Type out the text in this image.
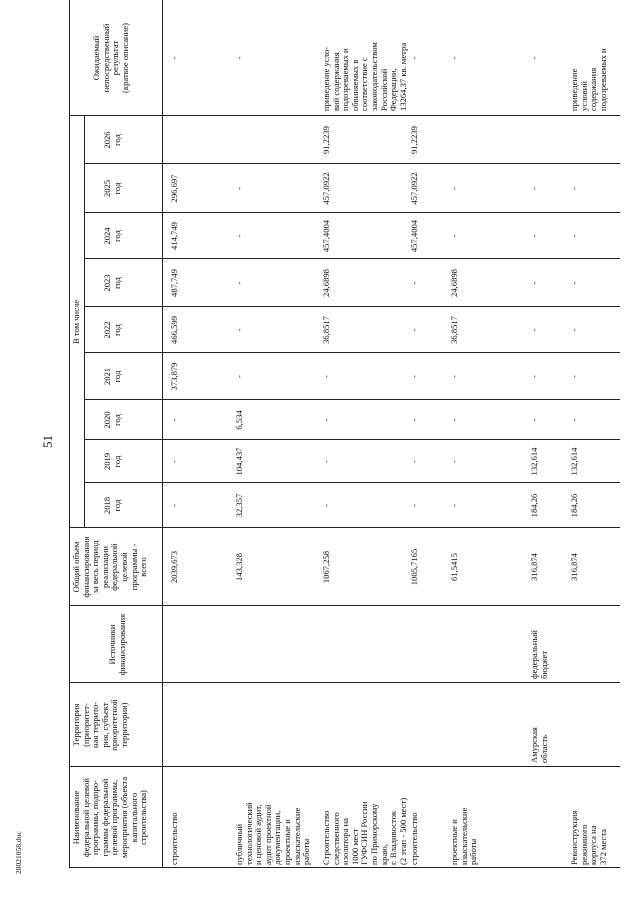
Наименование федеральной целевой программы, подпро- граммы федеральной целевой программы, мероприятия (объекта капитального строительства)
Территория (приоритет- ная террито- рия, субъект приоритетной территории)
Источники финансирования
Общий объем финансирования за весь период реализации федеральной целевой программы - всего
В том числе
2018 год
2019 год
2020 год
2021 год
2022 год
2023 год
2024 год
2025 год
2026 год
Ожидаемый непосредственный результат (краткое описание)
строительство
2039,673
-
-
-
373,879
466,599
487,749
414,749
296,697
-
публичный технологический и ценовой аудит, аудит проектной документации, проектные и изыскательские работы
143,328
32,357
104,437
6,534
-
-
-
-
-
-
Строительство следственного изолятора на 1000 мест ГУФСИН России по Приморскому краю, г. Владивосток (2 этап - 500 мест)
1067,258
-
-
-
-
36,8517
24,6898
457,4004
457,0922
91,2239
приведение усло- вий содержания подозреваемых и обвиняемых в соответствие с законодательством Российской Федерации, 13264,37 кв. метра
строительство
1005,7165
-
-
-
-
-
-
457,4004
457,0922
91,2239
-
проектные и изыскательские работы
61,5415
-
-
-
-
36,8517
24,6898
-
-
-
Амурская область
федеральный бюджет
316,874
184,26
132,614
-
-
-
-
-
-
-
Реконструкция режимного корпуса на 372 места
316,874
184,26
132,614
-
-
-
-
-
-
приведение условий содержания подозреваемых и
51
28021058.doc
